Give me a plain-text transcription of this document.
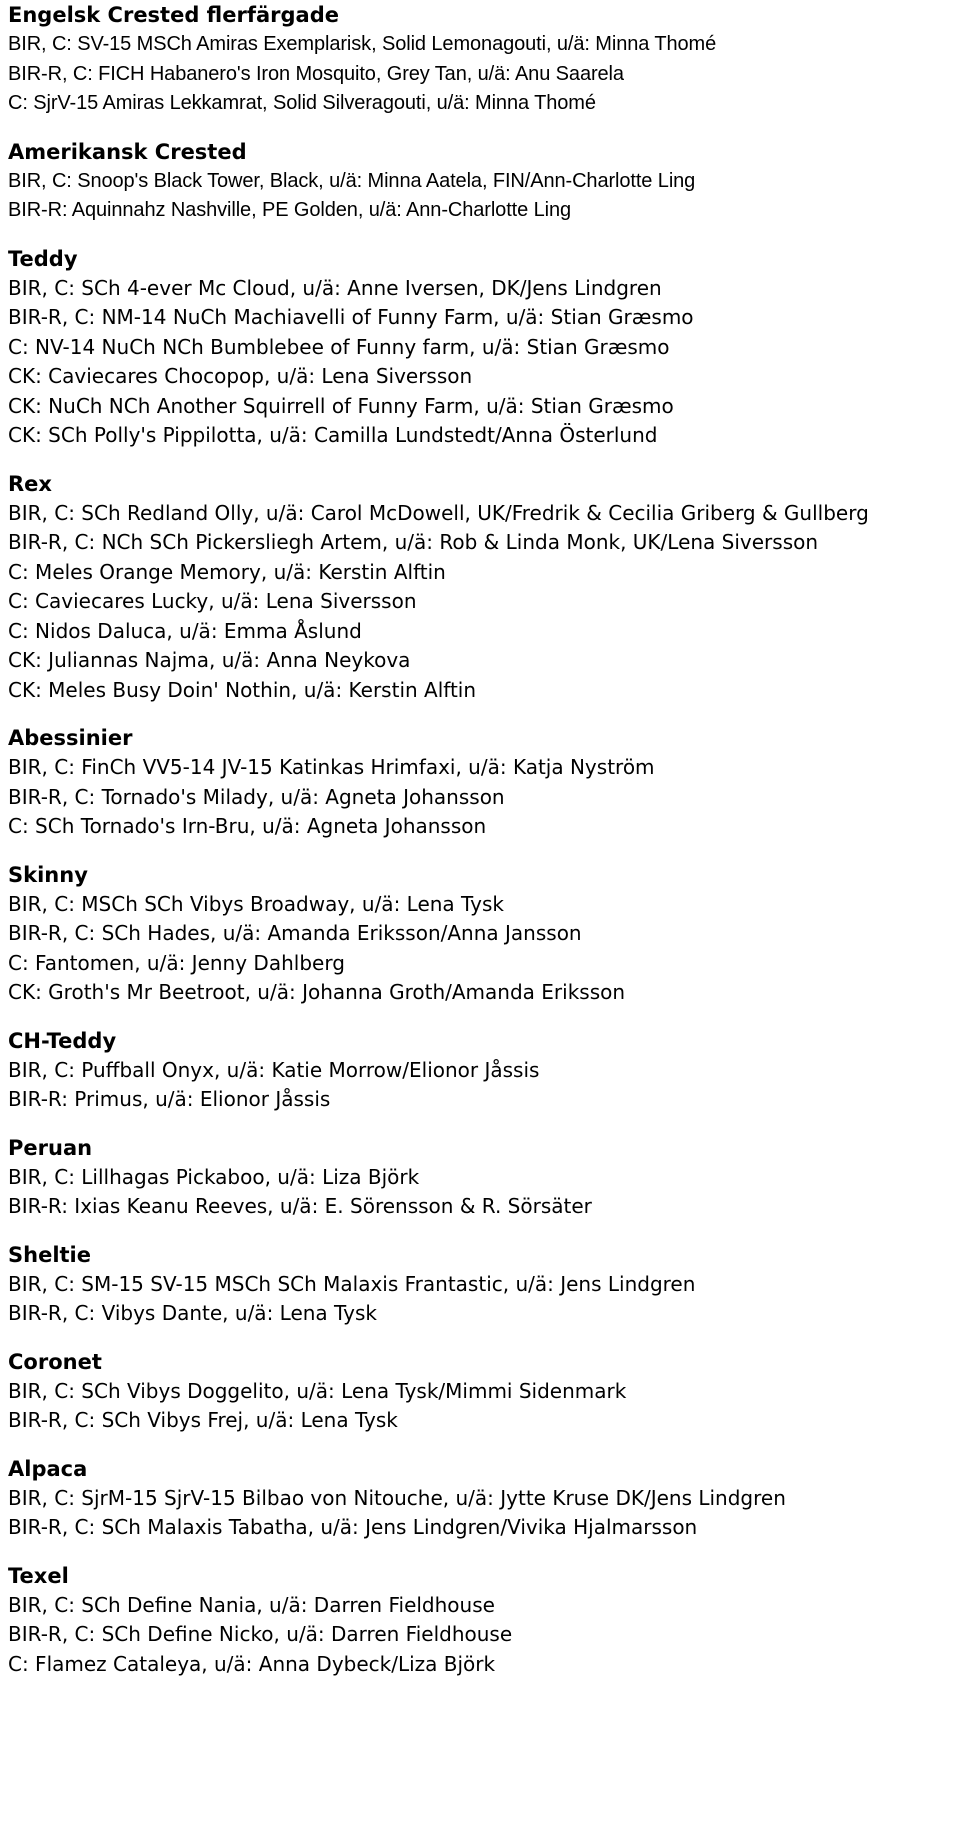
Engelsk Crested flerfärgade
BIR, C: SV-15 MSCh Amiras Exemplarisk, Solid Lemonagouti, u/ä: Minna Thomé
BIR-R, C: FICH Habanero's Iron Mosquito, Grey Tan, u/ä: Anu Saarela
C: SjrV-15 Amiras Lekkamrat, Solid Silveragouti, u/ä: Minna Thomé
Amerikansk Crested
BIR, C: Snoop's Black Tower, Black, u/ä: Minna Aatela, FIN/Ann-Charlotte Ling
BIR-R: Aquinnahz Nashville, PE Golden, u/ä: Ann-Charlotte Ling
Teddy
BIR, C: SCh 4-ever Mc Cloud, u/ä: Anne Iversen, DK/Jens Lindgren
BIR-R, C: NM-14 NuCh Machiavelli of Funny Farm, u/ä: Stian Græsmo
C: NV-14 NuCh NCh Bumblebee of Funny farm, u/ä: Stian Græsmo
CK: Caviecares Chocopop, u/ä: Lena Siversson
CK: NuCh NCh Another Squirrell of Funny Farm, u/ä: Stian Græsmo
CK: SCh Polly's Pippilotta, u/ä: Camilla Lundstedt/Anna Österlund
Rex
BIR, C: SCh Redland Olly, u/ä: Carol McDowell, UK/Fredrik & Cecilia Griberg & Gullberg
BIR-R, C: NCh SCh Pickersliegh Artem, u/ä: Rob & Linda Monk, UK/Lena Siversson
C: Meles Orange Memory, u/ä: Kerstin Alftin
C: Caviecares Lucky, u/ä: Lena Siversson
C: Nidos Daluca, u/ä: Emma Åslund
CK: Juliannas Najma, u/ä: Anna Neykova
CK: Meles Busy Doin' Nothin, u/ä: Kerstin Alftin
Abessinier
BIR, C: FinCh VV5-14 JV-15 Katinkas Hrimfaxi, u/ä: Katja Nyström
BIR-R, C: Tornado's Milady, u/ä: Agneta Johansson
C: SCh Tornado's Irn-Bru, u/ä: Agneta Johansson
Skinny
BIR, C: MSCh SCh Vibys Broadway, u/ä: Lena Tysk
BIR-R, C: SCh Hades, u/ä: Amanda Eriksson/Anna Jansson
C: Fantomen, u/ä: Jenny Dahlberg
CK: Groth's Mr Beetroot, u/ä: Johanna Groth/Amanda Eriksson
CH-Teddy
BIR, C: Puffball Onyx, u/ä: Katie Morrow/Elionor Jåssis
BIR-R: Primus, u/ä: Elionor Jåssis
Peruan
BIR, C: Lillhagas Pickaboo, u/ä: Liza Björk
BIR-R: Ixias Keanu Reeves, u/ä: E. Sörensson & R. Sörsäter
Sheltie
BIR, C: SM-15 SV-15 MSCh SCh Malaxis Frantastic, u/ä: Jens Lindgren
BIR-R, C: Vibys Dante, u/ä: Lena Tysk
Coronet
BIR, C: SCh Vibys Doggelito, u/ä: Lena Tysk/Mimmi Sidenmark
BIR-R, C: SCh Vibys Frej, u/ä: Lena Tysk
Alpaca
BIR, C: SjrM-15 SjrV-15 Bilbao von Nitouche, u/ä: Jytte Kruse DK/Jens Lindgren
BIR-R, C: SCh Malaxis Tabatha, u/ä: Jens Lindgren/Vivika Hjalmarsson
Texel
BIR, C: SCh Define Nania, u/ä: Darren Fieldhouse
BIR-R, C: SCh Define Nicko, u/ä: Darren Fieldhouse
C: Flamez Cataleya, u/ä: Anna Dybeck/Liza Björk
